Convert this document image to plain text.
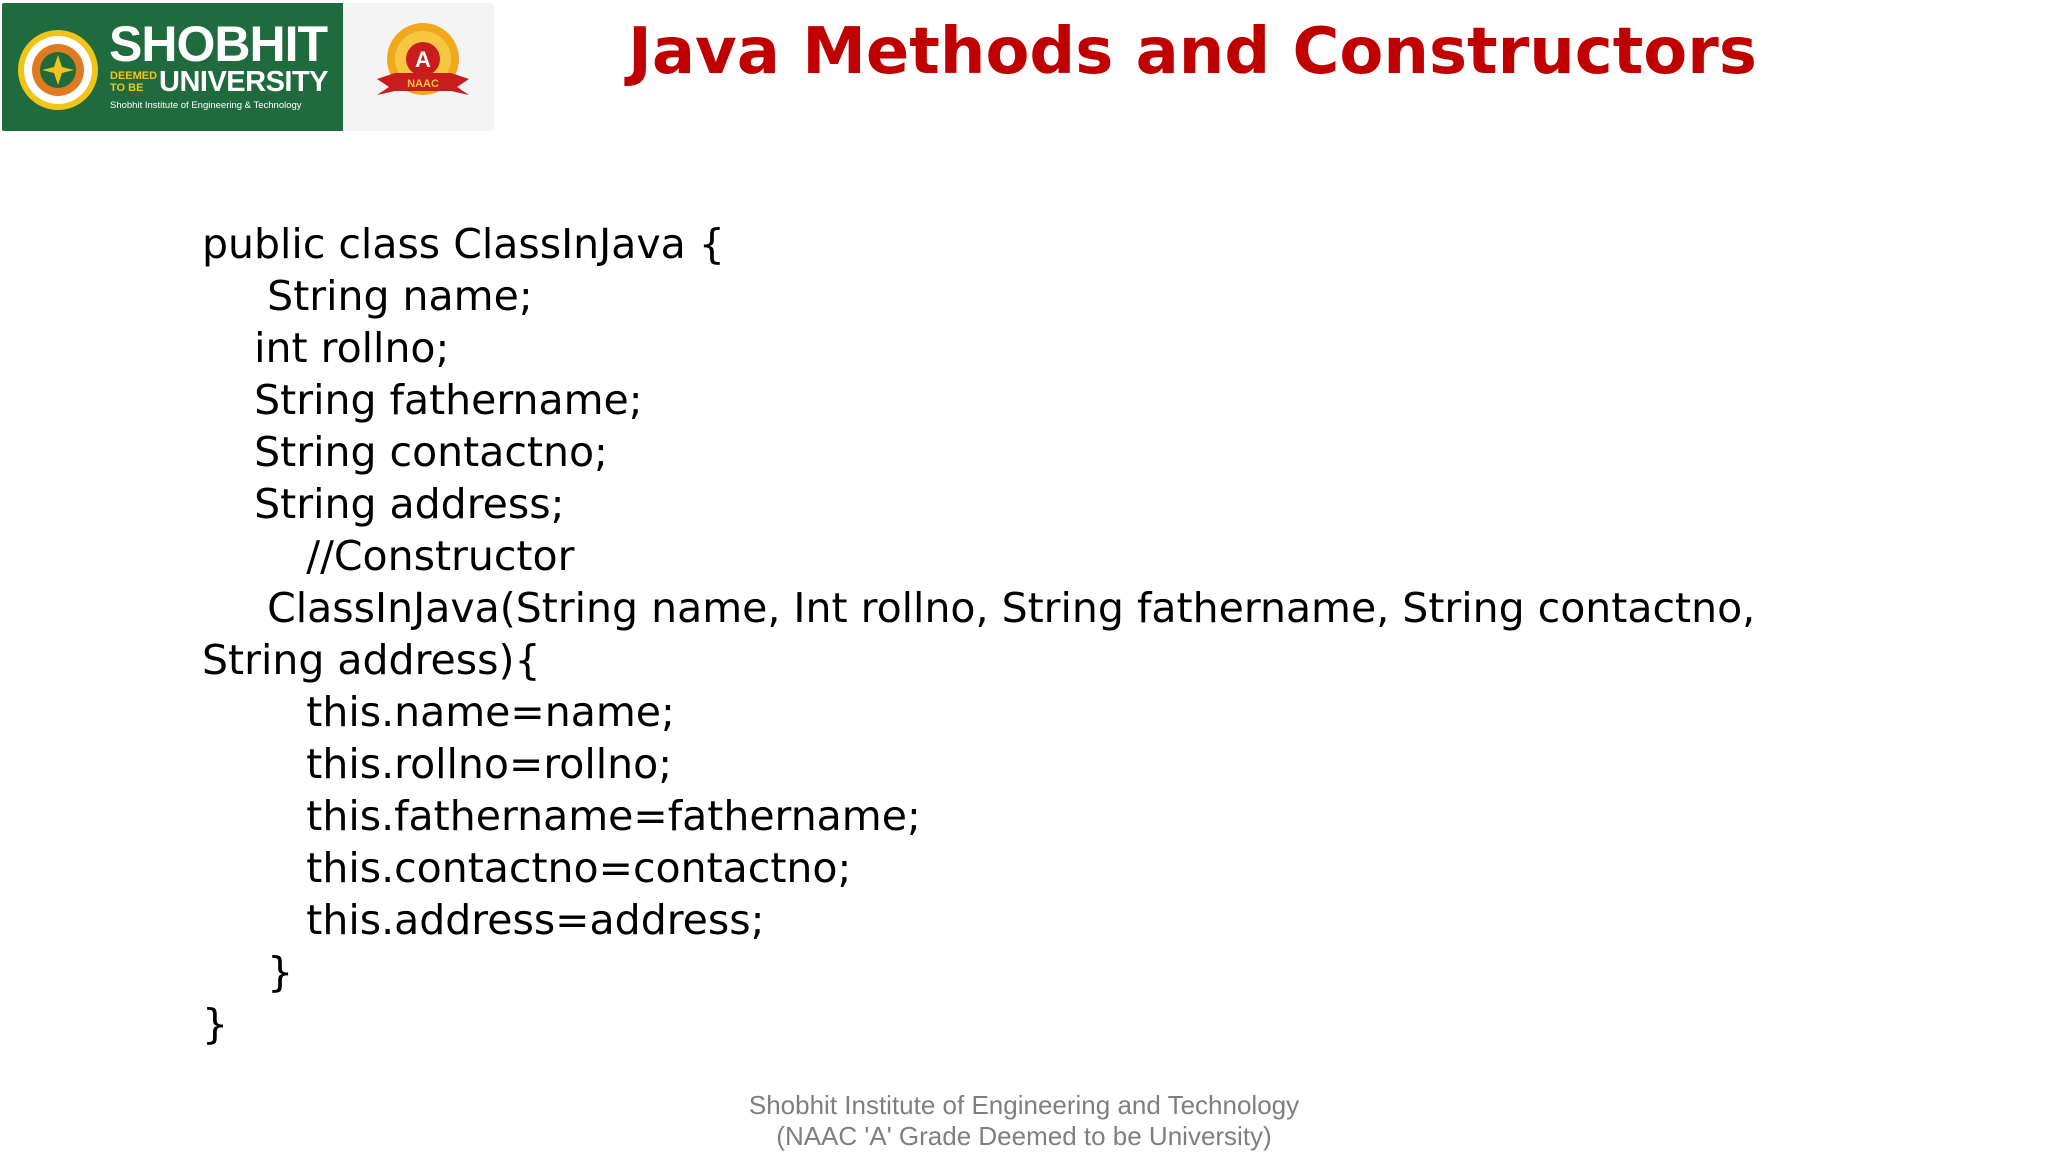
SHOBHIT
DEEMED
TO BE UNIVERSITY
Shobhit Institute of Engineering & Technology
A
NAAC	Java Methods and Constructors
public class ClassInJava {
String name;
int rollno;
String fathername;
String contactno;
String address;
//Constructor
ClassInJava(String name, Int rollno, String fathername, String contactno,
String address){
this.name=name;
this.rollno=rollno;
this.fathername=fathername;
this.contactno=contactno;
this.address=address;
}
}
Shobhit Institute of Engineering and Technology
(NAAC 'A' Grade Deemed to be University)
